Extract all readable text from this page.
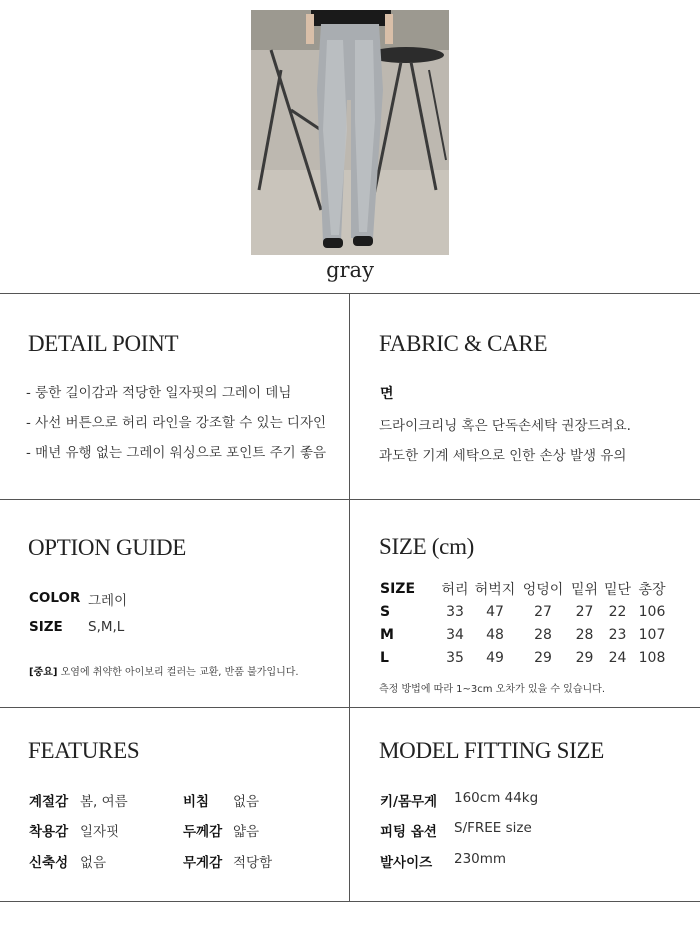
gray
DETAIL POINT
- 룽한 길이감과 적당한 일자핏의 그레이 데님
- 사선 버튼으로 허리 라인을 강조할 수 있는 디자인
- 매년 유행 없는 그레이 워싱으로 포인트 주기 좋음
FABRIC & CARE
면
드라이크리닝 혹은 단독손세탁 권장드려요.
과도한 기계 세탁으로 인한 손상 발생 유의
OPTION GUIDE
COLOR 그레이
SIZE S,M,L
[중요] 오염에 취약한 아이보리 컬러는 교환, 반품 불가입니다.
SIZE (cm)
SIZE	허리	허벅지	엉덩이	밑위	밑단	총장
S	33	47	27	27	22	106
M	34	48	28	28	23	107
L	35	49	29	29	24	108
측정 방법에 따라 1~3cm 오차가 있을 수 있습니다.
FEATURES
계절감 봄, 여름	비침 없음
착용감 일자핏	두께감 얇음
신축성 없음	무게감 적당함
MODEL FITTING SIZE
키/몸무게 160cm 44kg
피팅 옵션 S/FREE size
발사이즈 230mm
